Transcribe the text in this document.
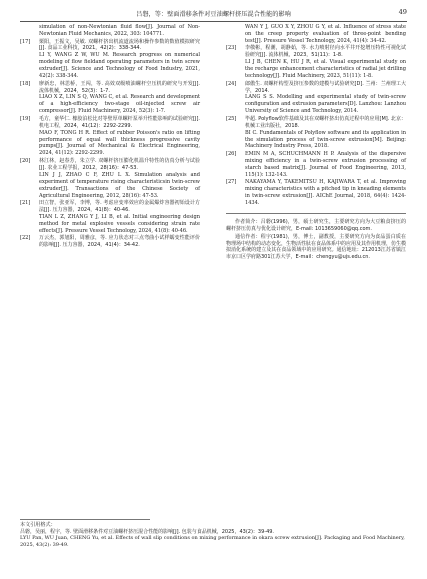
吕磐，等：壁面滑移条件对豆油螺杆挤压混合性能的影响	49
simulation of non-Newtonian fluid flow[J]. Journal of Non-Newtonian Fluid Mechanics, 2022, 303: 104771.
[17] 栗阳，王振文，吴敏. 双螺杆挤出机流道流场和操作参数的数值模拟研究[J]. 食品工业科技，2021，42(2)：338-344.
LI Y, WANG Z W, WU M. Research progress on numerical modeling of flow fieldand operating parameters in twin screw extruder[J]. Science and Technology of Food Industry, 2021, 42(2): 338-344.
[18] 廖新忠，林思桥，王闯，等. 高效双级喷油螺杆空压机的研究与开发[J]. 流体机械，2024，52(3)：1-7.
LIAO X Z, LIN S Q, WANG C, et al. Research and development of a high-efficiency two-stage oil-injected screw air compressor[J]. Fluid Machinery, 2024, 52(3): 1-7.
[19] 毛方，童华仁. 橡胶泊松比对等壁厚单螺杆泵举升性能影响的试验研究[J]. 机电工程，2024，41(12)：2292-2299.
MAO F, TONG H R. Effect of rubber Poisson's ratio on lifting performance of equal wall thickness progressive cavity pumps[J]. Journal of Mechanical & Electrical Engineering, 2024, 41(12): 2292-2299.
[20] 林江林，赵春芳，朱立学. 双螺杆挤压膨化机温升特性的仿真分析与试验[J]. 农业工程学报，2012，28(16)：47-53.
LIN J J, ZHAO C F, ZHU L X. Simulation analysis and experiment of temperature rising characteristicsin twin-screw extruder[J]. Transactions of the Chinese Society of Agricultural Engineering, 2012, 28(16): 47-53.
[21] 田立智，张亚军，李博，等. 考虑应变率效应的金属爆炸容器初始设计方法[J]. 压力容器，2024，41(8)：40-46.
TIAN L Z, ZHANG Y J, LI B, et al. Initial engineering design method for metal explosive vessels considering strain rate effects[J]. Pressure Vessel Technology, 2024, 41(8): 40-46.
[22] 万云杰，郭旭阳，周雅彦，等. 应力状态对三点弯曲小试样蠕变性能评价的影响[J]. 压力容器，2024，41(4)：34-42.
WAN Y J, GUO X Y, ZHOU G Y, et al. Influence of stress state on the creep property evaluation of three-point bending test[J]. Pressure Vessel Technology, 2024, 41(4): 34-42.
[23] 李敬彬，程潮，胡静茹，等. 水力喷射径向水平井开挖增压特性可视化试验研究[J]. 流体机械，2023，51(11)：1-8.
LI J B, CHEN K, HU J R, et al. Visual experimental study on the recharge enhancement characteristics of radial jet drilling technology[J]. Fluid Machinery, 2023, 51(11): 1-8.
[24] 郎傲生. 双螺杆构型及挤压参数的建模与试验研究[D]. 兰州：兰州理工大学，2014.
LANG S S. Modelling and experimental study of twin-screw configuration and extrusion parameters[D]. Lanzhou: Lanzhou University of Science and Technology, 2014.
[25] 毕超. Polyflow软件基础及其在双螺杆挤出仿真过程中的应用[M]. 北京：机械工业出版社，2018.
BI C. Fundamentals of Polyflow software and its application in the simulation process of twin-screw extrusion[M]. Beijing: Machinery Industry Press, 2018.
[26] EMIN M A, SCHUCHMANN H P. Analysis of the dispersive mixing efficiency in a twin-screw extrusion processing of starch based matrix[J]. Journal of Food Engineering, 2013, 115(1): 132-143.
[27] NAKAYAMA Y, TAKEMITSU H, KAJIWARA T, et al. Improving mixing characteristics with a pitched tip in kneading elements in twin-screw extrusion[J]. AIChE Journal, 2018, 64(4): 1424-1434.

作者简介：吕磐(1996)，男，硕士研究生，主要研究方向为大豆粮食挤压的螺杆挤压仿真与优化设计研究，E-mail: 1013659060@qq.com.

通信作者：程宇(1981)，男，博士，副教授，主要研究方向为食品蛋白质在物理场中结构的动态变化，生物活性肽在食品体系中的应用及其作用机理，仿生模拟消化系统的建立及其在食品领域中的应用研究。通信地址：212013江苏省镇江市京口区学府路301江苏大学，E-mail：chengyu@ujs.edu.cn.

本文引用格式：
吕磐，吴丽，程宇，等. 壁面滑移条件对豆油螺杆挤压混合性能的影响[J]. 包装与食品机械，2025，43(2)：39-49.
LYU Pan, WU Juan, CHENG Yu, et al. Effects of wall slip conditions on mixing performance in okara screw extrusion[J]. Packaging and Food Machinery, 2025, 43(2): 39-49.
